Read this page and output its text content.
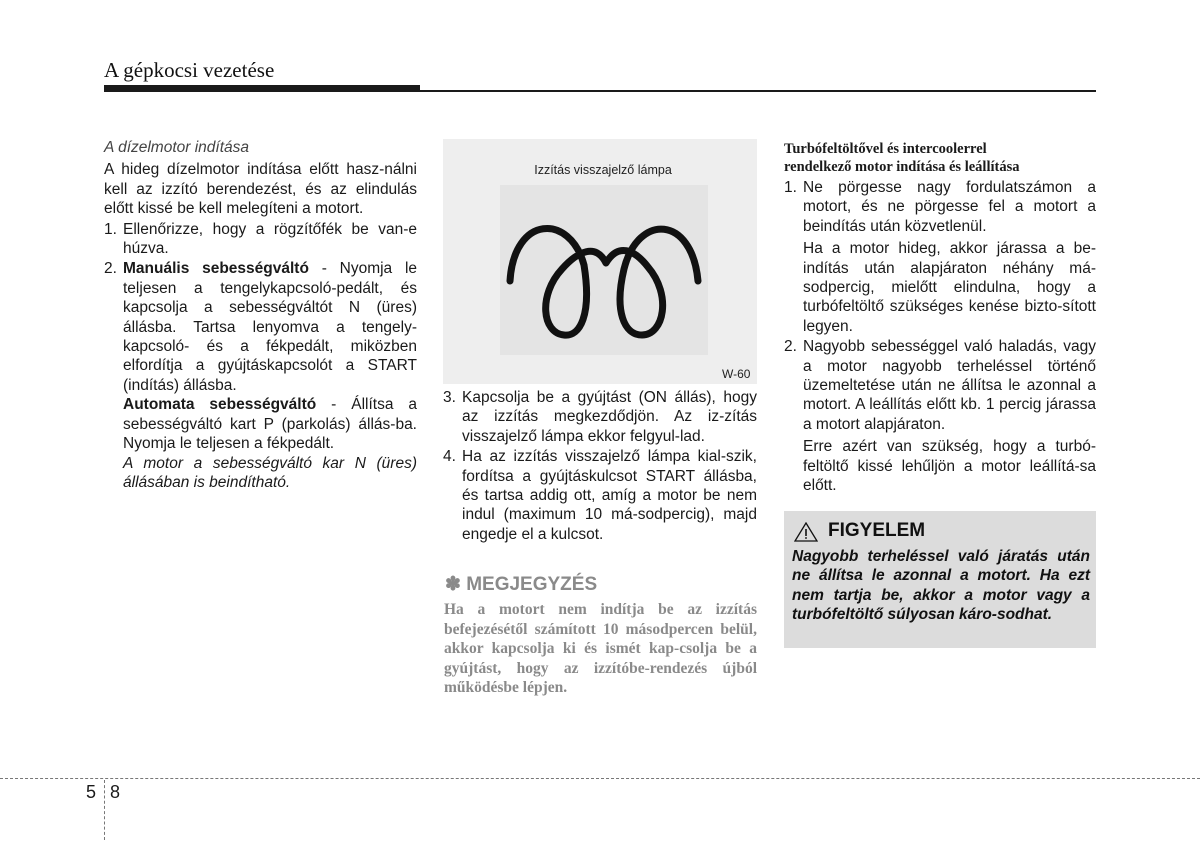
A gépkocsi vezetése

A dízelmotor indítása

A hideg dízelmotor indítása előtt hasz-nálni kell az izzító berendezést, és az elindulás előtt kissé be kell melegíteni a motort.

1. Ellenőrizze, hogy a rögzítőfék be van-e húzva.
2. Manuális sebességváltó - Nyomja le teljesen a tengelykapcsoló-pedált, és kapcsolja a sebességváltót N (üres) állásba. Tartsa lenyomva a tengely-kapcsoló- és a fékpedált, miközben elfordítja a gyújtáskapcsolót a START (indítás) állásba.

Automata sebességváltó - Állítsa a sebességváltó kart P (parkolás) állás-ba. Nyomja le teljesen a fékpedált.

A motor a sebességváltó kar N (üres) állásában is beindítható.

Izzítás visszajelző lámpa
W-60
3. Kapcsolja be a gyújtást (ON állás), hogy az izzítás megkezdődjön. Az iz-zítás visszajelző lámpa ekkor felgyul-lad.
4. Ha az izzítás visszajelző lámpa kial-szik, fordítsa a gyújtáskulcsot START állásba, és tartsa addig ott, amíg a motor be nem indul (maximum 10 má-sodpercig), majd engedje el a kulcsot.
✽ MEGJEGYZÉS
Ha a motort nem indítja be az izzítás befejezésétől számított 10 másodpercen belül, akkor kapcsolja ki és ismét kap-csolja be a gyújtást, hogy az izzítóbe-rendezés újból működésbe lépjen.

Turbófeltöltővel és intercoolerrel
rendelkező motor indítása és leállítása

1. Ne pörgesse nagy fordulatszámon a motort, és ne pörgesse fel a motort a beindítás után közvetlenül.

Ha a motor hideg, akkor járassa a be-indítás után alapjáraton néhány má-sodpercig, mielőtt elindulna, hogy a turbófeltöltő szükséges kenése bizto-sított legyen.

2. Nagyobb sebességgel való haladás, vagy a motor nagyobb terheléssel történő üzemeltetése után ne állítsa le azonnal a motort. A leállítás előtt kb. 1 percig járassa a motort alapjáraton.

Erre azért van szükség, hogy a turbó-feltöltő kissé lehűljön a motor leállítá-sa előtt.

FIGYELEM
Nagyobb terheléssel való járatás után ne állítsa le azonnal a motort. Ha ezt nem tartja be, akkor a motor vagy a turbófeltöltő súlyosan káro-sodhat.
5 8
